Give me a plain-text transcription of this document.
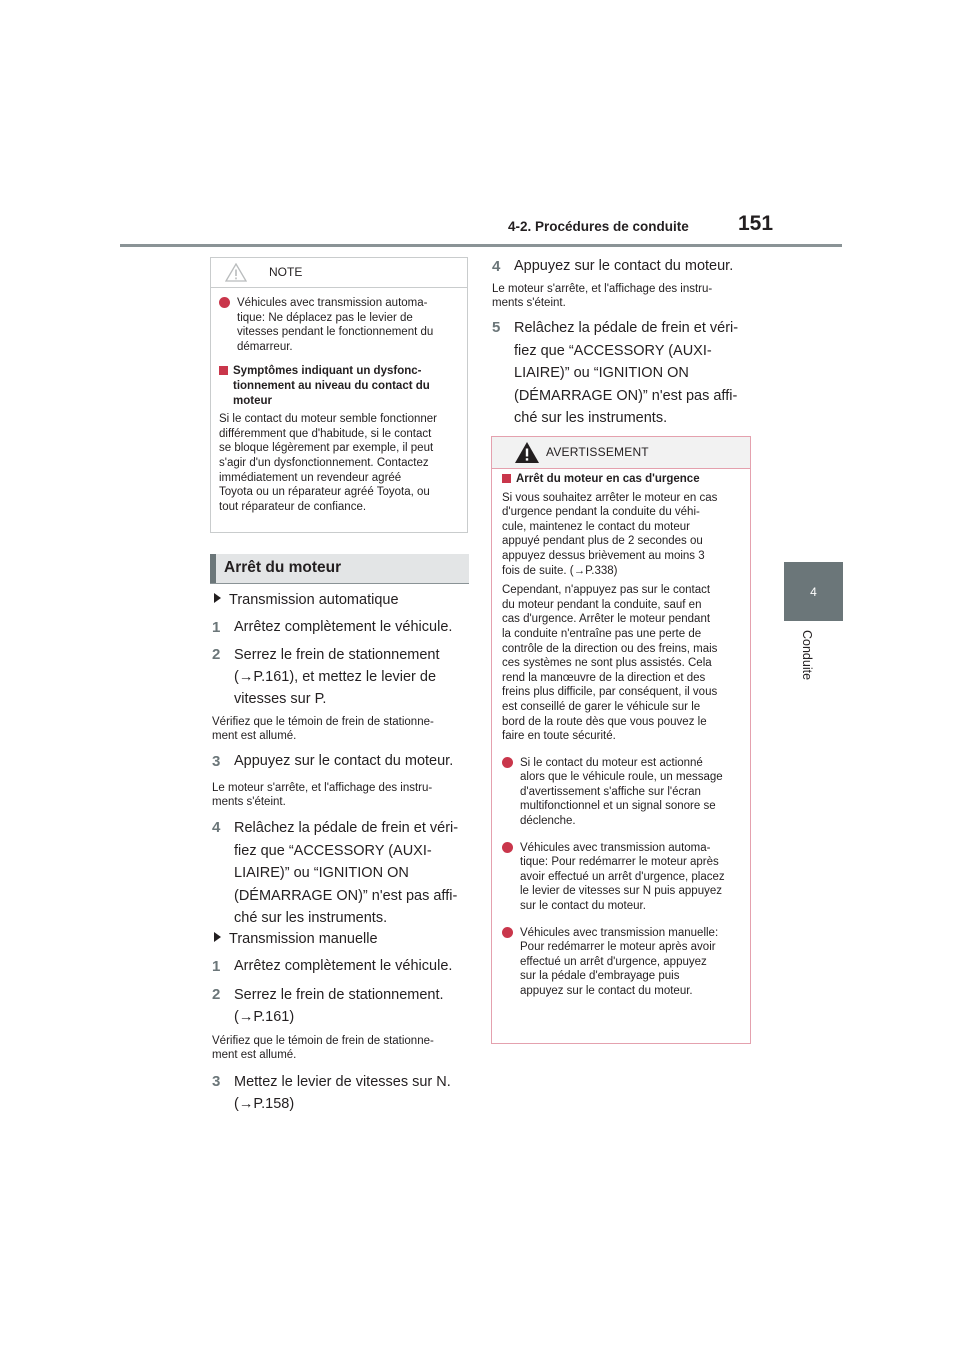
4-2. Procédures de conduite 151
4
Conduite
NOTE
Véhicules avec transmission automa-
tique: Ne déplacez pas le levier de
vitesses pendant le fonctionnement du
démarreur.
Symptômes indiquant un dysfonc-
tionnement au niveau du contact du
moteur
Si le contact du moteur semble fonctionner
différemment que d'habitude, si le contact
se bloque légèrement par exemple, il peut
s'agir d'un dysfonctionnement. Contactez
immédiatement un revendeur agréé
Toyota ou un réparateur agréé Toyota, ou
tout réparateur de confiance.
Arrêt du moteur
Transmission automatique
1 Arrêtez complètement le véhicule.
2 Serrez le frein de stationnement
(→P.161), et mettez le levier de
vitesses sur P.
Vérifiez que le témoin de frein de stationne-
ment est allumé.
3 Appuyez sur le contact du moteur.
Le moteur s'arrête, et l'affichage des instru-
ments s'éteint.
4 Relâchez la pédale de frein et véri-
fiez que “ACCESSORY (AUXI-
LIAIRE)” ou “IGNITION ON
(DÉMARRAGE ON)” n'est pas affi-
ché sur les instruments.
Transmission manuelle
1 Arrêtez complètement le véhicule.
2 Serrez le frein de stationnement.
(→P.161)
Vérifiez que le témoin de frein de stationne-
ment est allumé.
3 Mettez le levier de vitesses sur N.
(→P.158)
4 Appuyez sur le contact du moteur.
Le moteur s'arrête, et l'affichage des instru-
ments s'éteint.
5 Relâchez la pédale de frein et véri-
fiez que “ACCESSORY (AUXI-
LIAIRE)” ou “IGNITION ON
(DÉMARRAGE ON)” n'est pas affi-
ché sur les instruments.
AVERTISSEMENT
Arrêt du moteur en cas d'urgence
Si vous souhaitez arrêter le moteur en cas
d'urgence pendant la conduite du véhi-
cule, maintenez le contact du moteur
appuyé pendant plus de 2 secondes ou
appuyez dessus brièvement au moins 3
fois de suite. (→P.338)
Cependant, n'appuyez pas sur le contact
du moteur pendant la conduite, sauf en
cas d'urgence. Arrêter le moteur pendant
la conduite n'entraîne pas une perte de
contrôle de la direction ou des freins, mais
ces systèmes ne sont plus assistés. Cela
rend la manœuvre de la direction et des
freins plus difficile, par conséquent, il vous
est conseillé de garer le véhicule sur le
bord de la route dès que vous pouvez le
faire en toute sécurité.
Si le contact du moteur est actionné
alors que le véhicule roule, un message
d'avertissement s'affiche sur l'écran
multifonctionnel et un signal sonore se
déclenche.
Véhicules avec transmission automa-
tique: Pour redémarrer le moteur après
avoir effectué un arrêt d'urgence, placez
le levier de vitesses sur N puis appuyez
sur le contact du moteur.
Véhicules avec transmission manuelle:
Pour redémarrer le moteur après avoir
effectué un arrêt d'urgence, appuyez
sur la pédale d'embrayage puis
appuyez sur le contact du moteur.
